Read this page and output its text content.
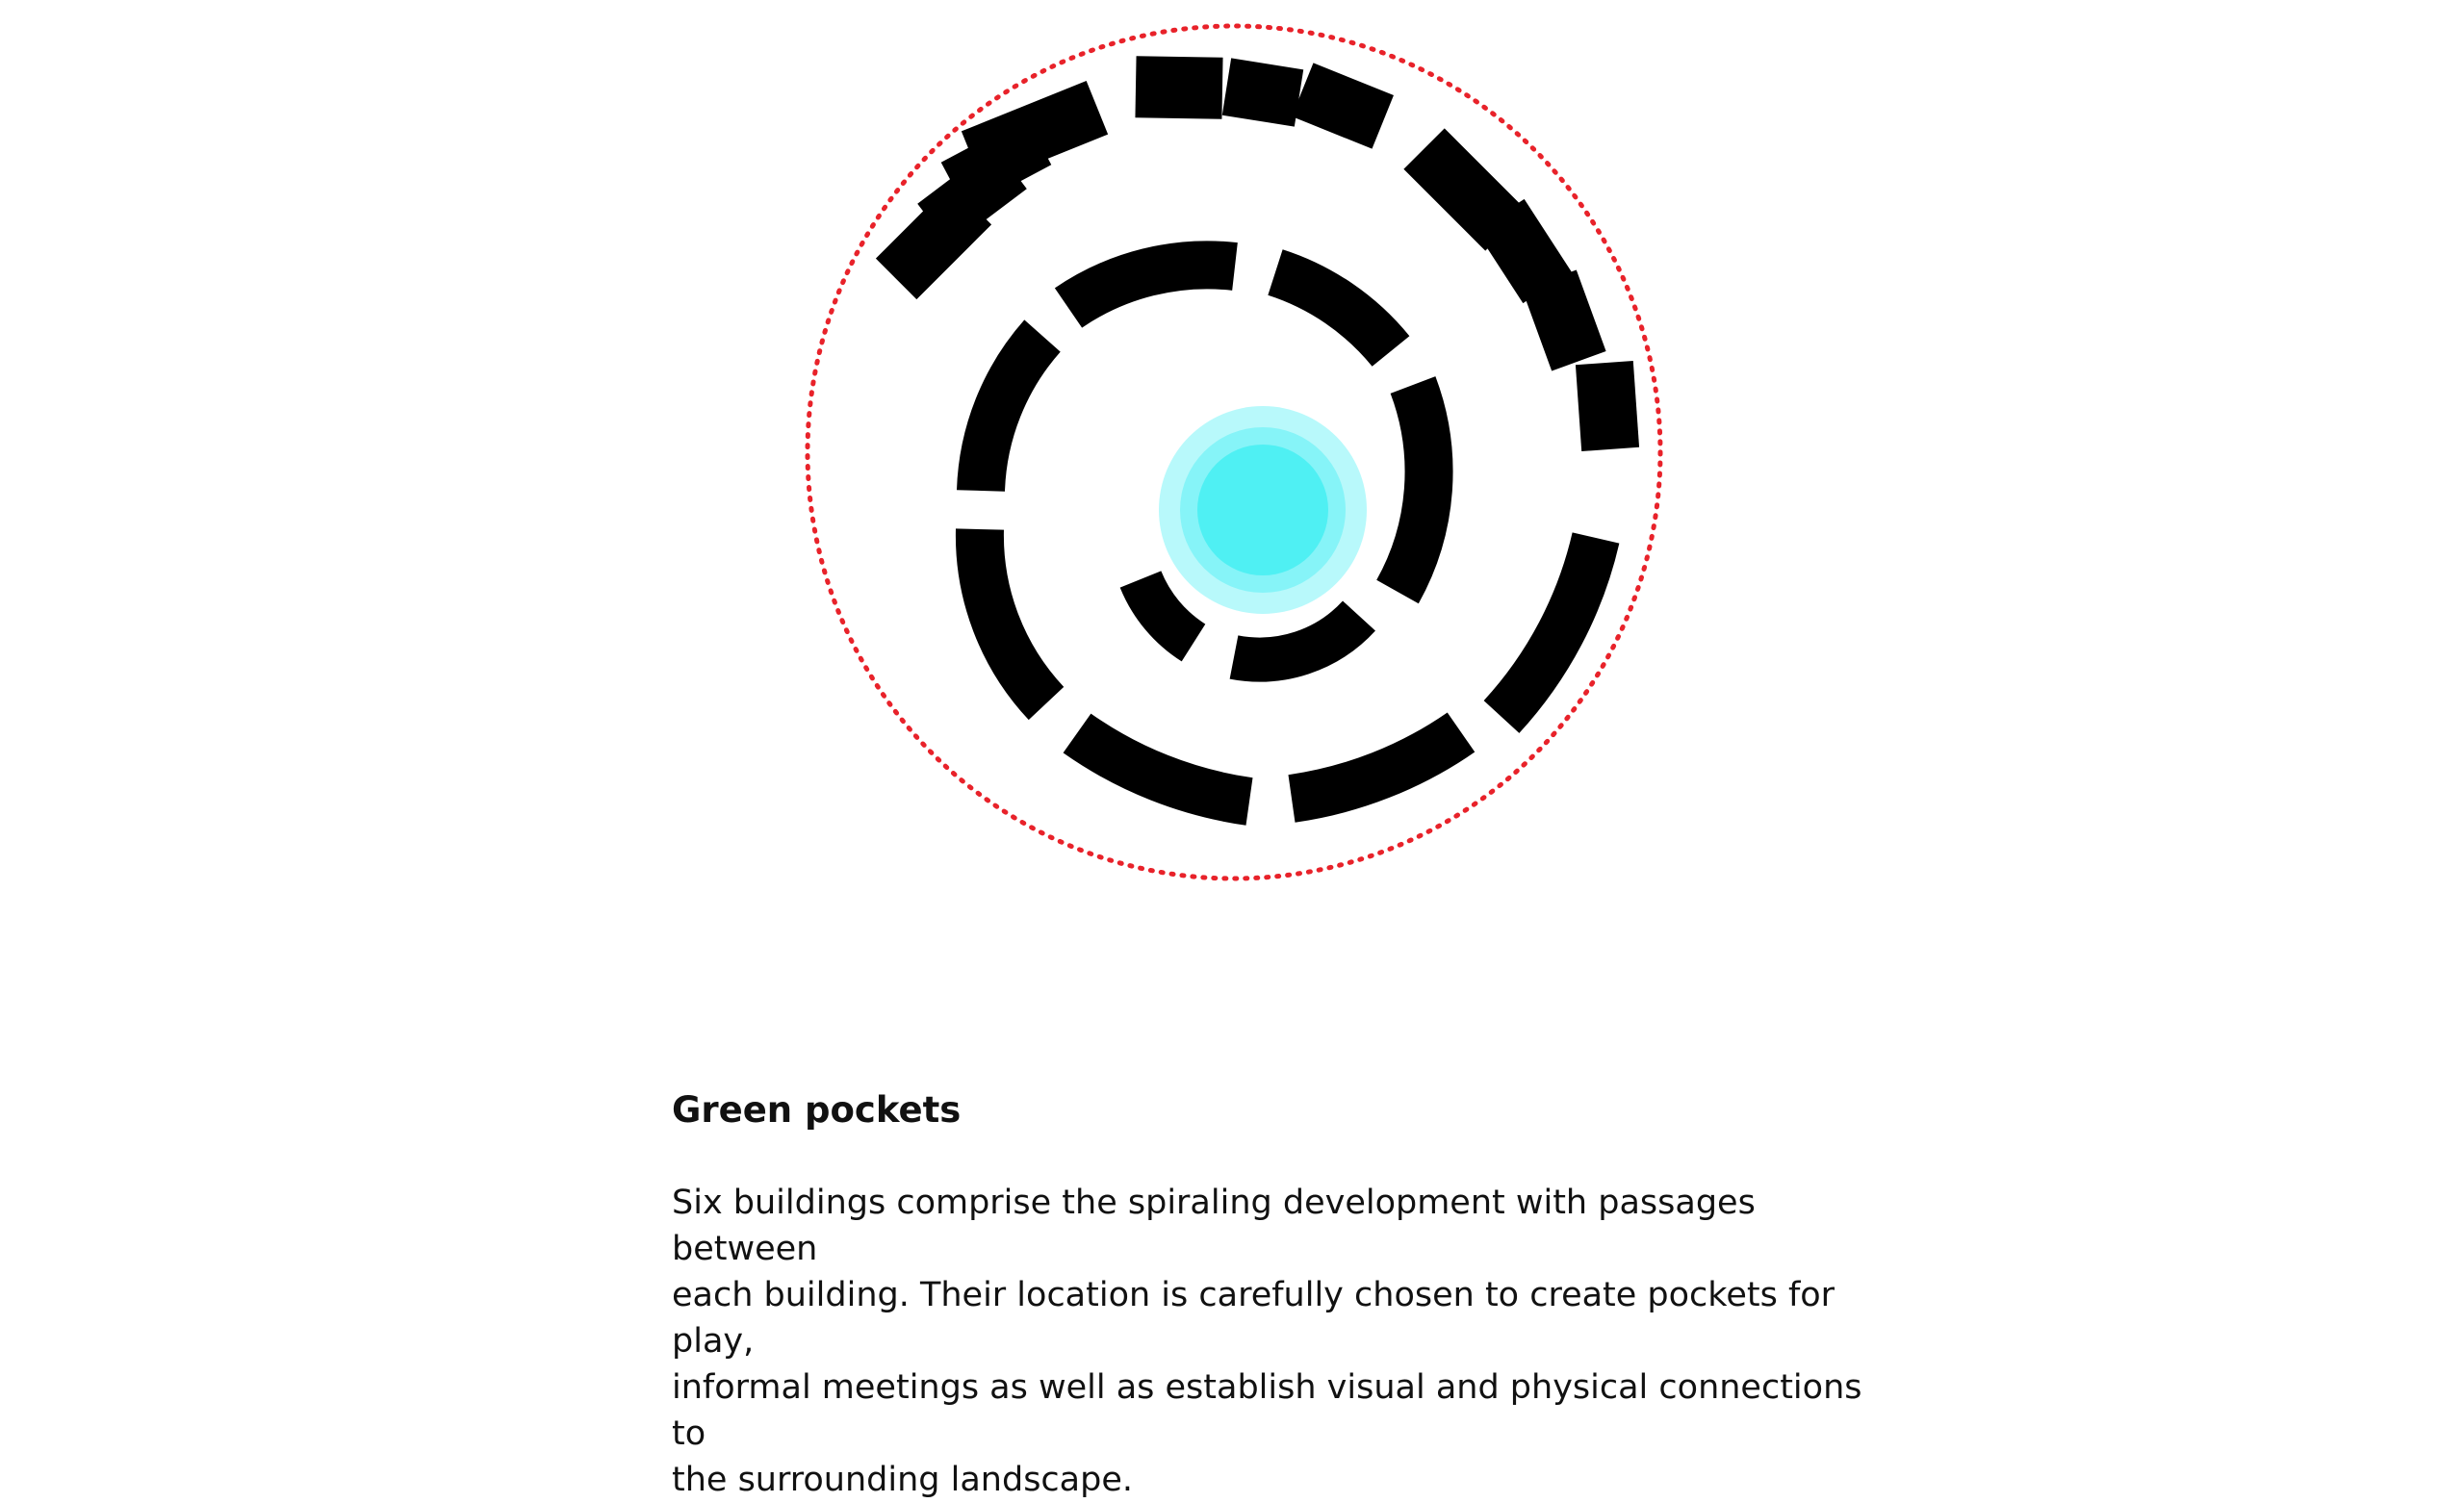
Green pockets

Six buildings comprise the spiraling development with passages between
each building. Their location is carefully chosen to create pockets for play,
informal meetings as well as establish visual and physical connections to
the surrounding landscape.
